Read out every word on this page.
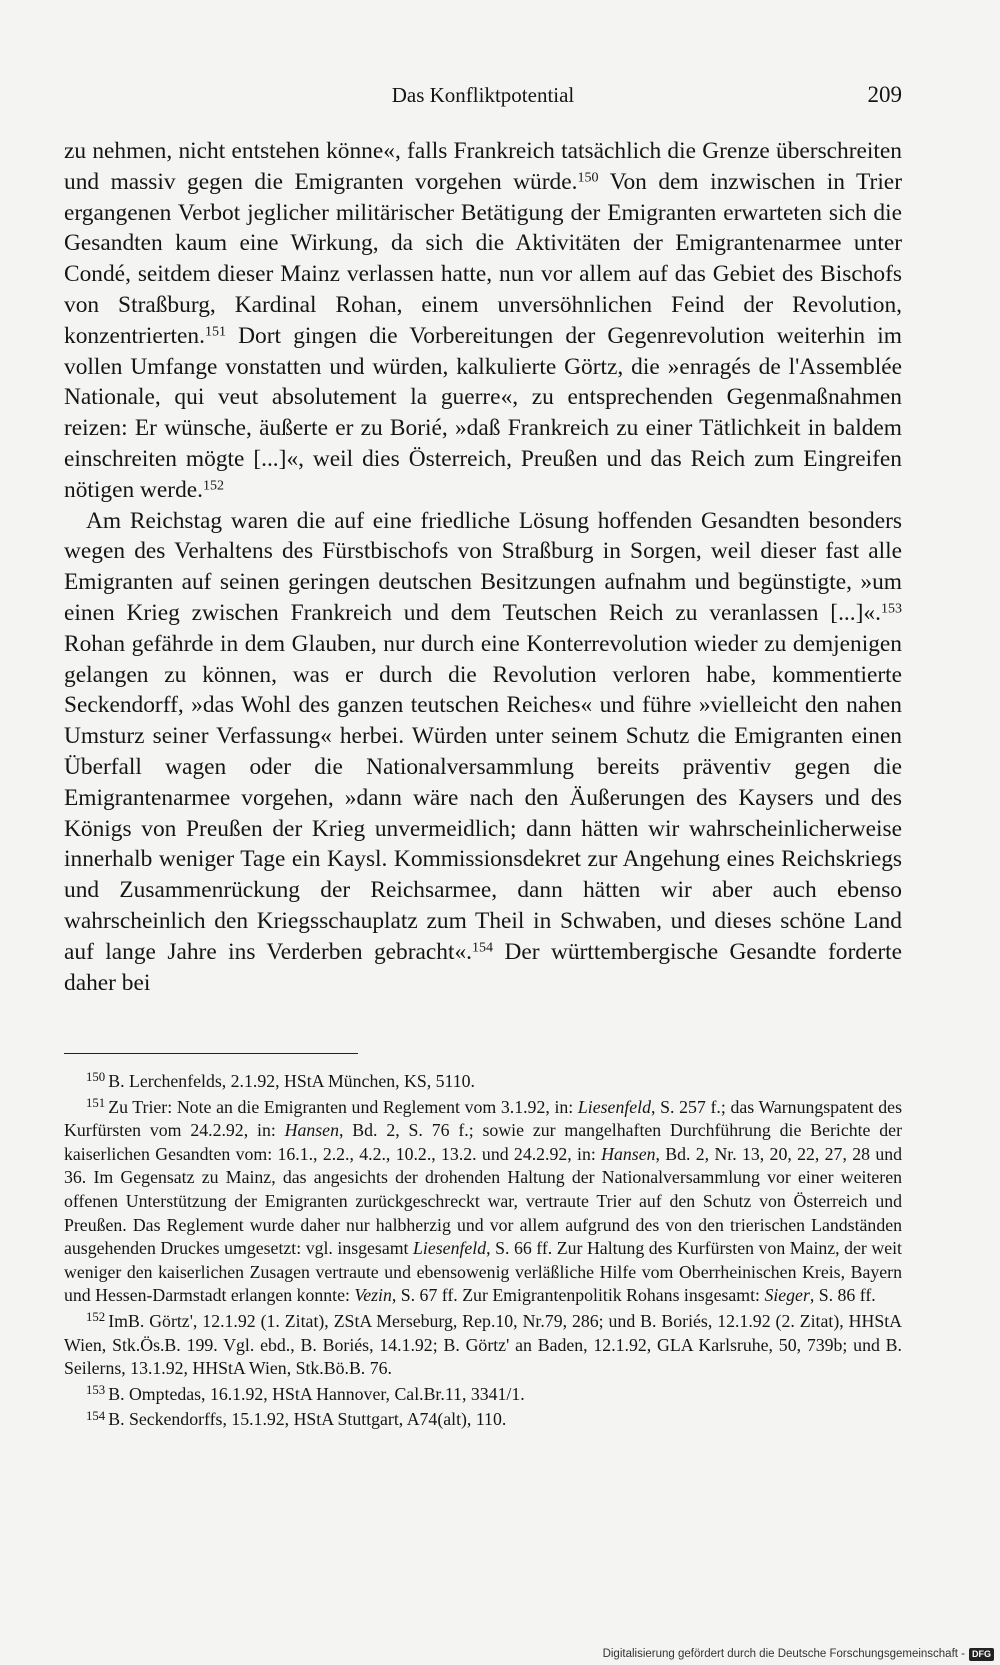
Das Konfliktpotential	209

zu nehmen, nicht entstehen könne«, falls Frankreich tatsächlich die Grenze überschreiten und massiv gegen die Emigranten vorgehen würde.$^{150}$ Von dem inzwischen in Trier ergangenen Verbot jeglicher militärischer Betätigung der Emigranten erwarteten sich die Gesandten kaum eine Wirkung, da sich die Aktivitäten der Emigrantenarmee unter Condé, seitdem dieser Mainz verlassen hatte, nun vor allem auf das Gebiet des Bischofs von Straßburg, Kardinal Rohan, einem unversöhnlichen Feind der Revolution, konzentrierten.$^{151}$ Dort gingen die Vorbereitungen der Gegenrevolution weiterhin im vollen Umfange vonstatten und würden, kalkulierte Görtz, die »enragés de l'Assemblée Nationale, qui veut absolutement la guerre«, zu entsprechenden Gegenmaßnahmen reizen: Er wünsche, äußerte er zu Borié, »daß Frankreich zu einer Tätlichkeit in baldem einschreiten mögte [...]«, weil dies Österreich, Preußen und das Reich zum Eingreifen nötigen werde.$^{152}$

Am Reichstag waren die auf eine friedliche Lösung hoffenden Gesandten besonders wegen des Verhaltens des Fürstbischofs von Straßburg in Sorgen, weil dieser fast alle Emigranten auf seinen geringen deutschen Besitzungen aufnahm und begünstigte, »um einen Krieg zwischen Frankreich und dem Teutschen Reich zu veranlassen [...]«.$^{153}$ Rohan gefährde in dem Glauben, nur durch eine Konterrevolution wieder zu demjenigen gelangen zu können, was er durch die Revolution verloren habe, kommentierte Seckendorff, »das Wohl des ganzen teutschen Reiches« und führe »vielleicht den nahen Umsturz seiner Verfassung« herbei. Würden unter seinem Schutz die Emigranten einen Überfall wagen oder die Nationalversammlung bereits präventiv gegen die Emigrantenarmee vorgehen, »dann wäre nach den Äußerungen des Kaysers und des Königs von Preußen der Krieg unvermeidlich; dann hätten wir wahrscheinlicherweise innerhalb weniger Tage ein Kaysl. Kommissionsdekret zur Angehung eines Reichskriegs und Zusammenrückung der Reichsarmee, dann hätten wir aber auch ebenso wahrscheinlich den Kriegsschauplatz zum Theil in Schwaben, und dieses schöne Land auf lange Jahre ins Verderben gebracht«.$^{154}$ Der württembergische Gesandte forderte daher bei

$^{150}$ B. Lerchenfelds, 2.1.92, HStA München, KS, 5110.

$^{151}$ Zu Trier: Note an die Emigranten und Reglement vom 3.1.92, in: Liesenfeld, S. 257 f.; das Warnungspatent des Kurfürsten vom 24.2.92, in: Hansen, Bd. 2, S. 76 f.; sowie zur mangelhaften Durchführung die Berichte der kaiserlichen Gesandten vom: 16.1., 2.2., 4.2., 10.2., 13.2. und 24.2.92, in: Hansen, Bd. 2, Nr. 13, 20, 22, 27, 28 und 36. Im Gegensatz zu Mainz, das angesichts der drohenden Haltung der Nationalversammlung vor einer weiteren offenen Unterstützung der Emigranten zurückgeschreckt war, vertraute Trier auf den Schutz von Österreich und Preußen. Das Reglement wurde daher nur halbherzig und vor allem aufgrund des von den trierischen Landständen ausgehenden Druckes umgesetzt: vgl. insgesamt Liesenfeld, S. 66 ff. Zur Haltung des Kurfürsten von Mainz, der weit weniger den kaiserlichen Zusagen vertraute und ebensowenig verläßliche Hilfe vom Oberrheinischen Kreis, Bayern und Hessen-Darmstadt erlangen konnte: Vezin, S. 67 ff. Zur Emigrantenpolitik Rohans insgesamt: Sieger, S. 86 ff.

$^{152}$ ImB. Görtz', 12.1.92 (1. Zitat), ZStA Merseburg, Rep.10, Nr.79, 286; und B. Boriés, 12.1.92 (2. Zitat), HHStA Wien, Stk.Ös.B. 199. Vgl. ebd., B. Boriés, 14.1.92; B. Görtz' an Baden, 12.1.92, GLA Karlsruhe, 50, 739b; und B. Seilerns, 13.1.92, HHStA Wien, Stk.Bö.B. 76.

$^{153}$ B. Omptedas, 16.1.92, HStA Hannover, Cal.Br.11, 3341/1.

$^{154}$ B. Seckendorffs, 15.1.92, HStA Stuttgart, A74(alt), 110.

Digitalisierung gefördert durch die Deutsche Forschungsgemeinschaft - DFG
